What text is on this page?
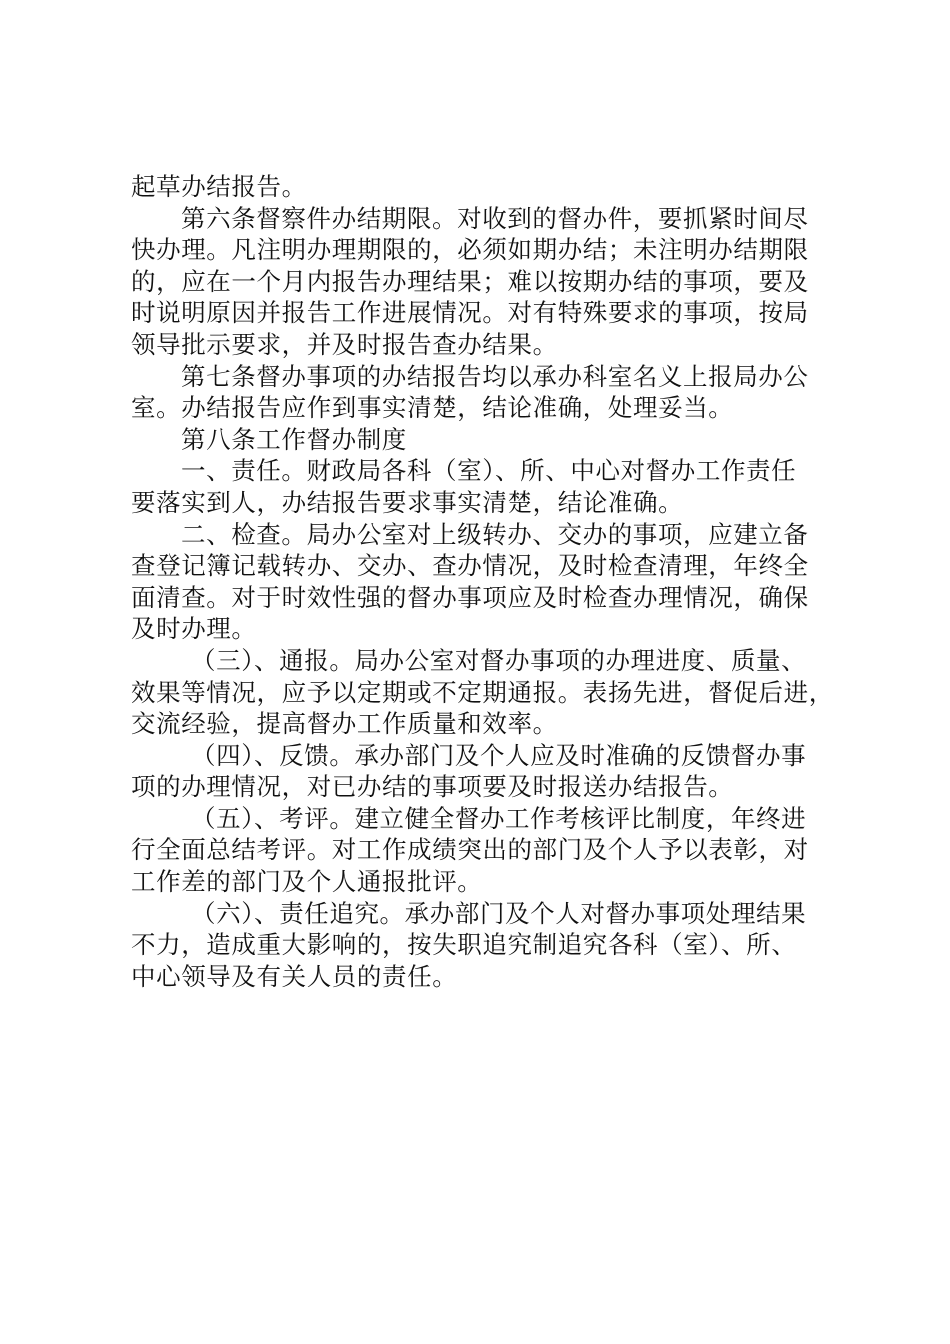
起草办结报告。
第六条督察件办结期限。对收到的督办件，要抓紧时间尽
快办理。凡注明办理期限的，必须如期办结；未注明办结期限
的，应在一个月内报告办理结果；难以按期办结的事项，要及
时说明原因并报告工作进展情况。对有特殊要求的事项，按局
领导批示要求，并及时报告查办结果。
第七条督办事项的办结报告均以承办科室名义上报局办公
室。办结报告应作到事实清楚，结论准确，处理妥当。
第八条工作督办制度
一、责任。财政局各科（室）、所、中心对督办工作责任
要落实到人，办结报告要求事实清楚，结论准确。
二、检查。局办公室对上级转办、交办的事项，应建立备
查登记簿记载转办、交办、查办情况，及时检查清理，年终全
面清查。对于时效性强的督办事项应及时检查办理情况，确保
及时办理。
（三）、通报。局办公室对督办事项的办理进度、质量、
效果等情况，应予以定期或不定期通报。表扬先进，督促后进，
交流经验，提高督办工作质量和效率。
（四）、反馈。承办部门及个人应及时准确的反馈督办事
项的办理情况，对已办结的事项要及时报送办结报告。
（五）、考评。建立健全督办工作考核评比制度，年终进
行全面总结考评。对工作成绩突出的部门及个人予以表彰，对
工作差的部门及个人通报批评。
（六）、责任追究。承办部门及个人对督办事项处理结果
不力，造成重大影响的，按失职追究制追究各科（室）、所、
中心领导及有关人员的责任。
